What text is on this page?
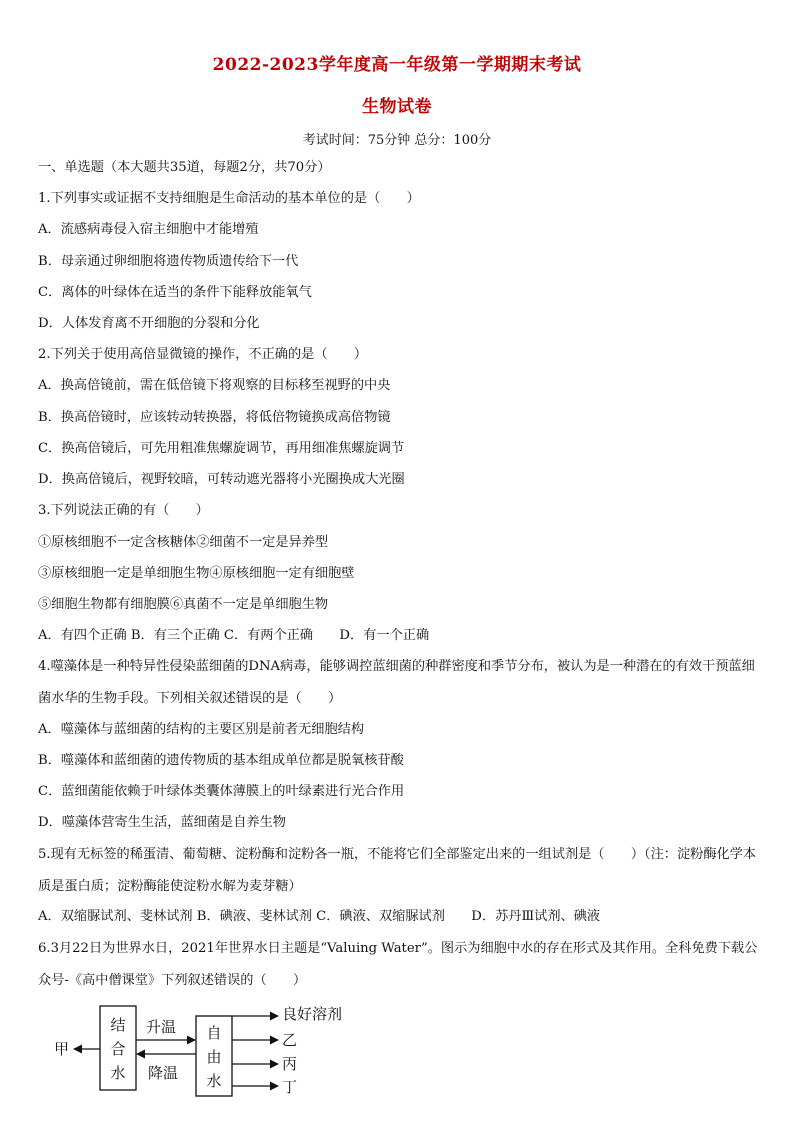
2022-2023学年度高一年级第一学期期末考试
生物试卷
考试时间：75分钟 总分：100分
一、单选题（本大题共35道，每题2分，共70分）
1.下列事实或证据不支持细胞是生命活动的基本单位的是（　　）
A．流感病毒侵入宿主细胞中才能增殖
B．母亲通过卵细胞将遗传物质遗传给下一代
C．离体的叶绿体在适当的条件下能释放能氧气
D．人体发育离不开细胞的分裂和分化
2.下列关于使用高倍显微镜的操作，不正确的是（　　）
A．换高倍镜前，需在低倍镜下将观察的目标移至视野的中央
B．换高倍镜时，应该转动转换器，将低倍物镜换成高倍物镜
C．换高倍镜后，可先用粗准焦螺旋调节，再用细准焦螺旋调节
D．换高倍镜后，视野较暗，可转动遮光器将小光圈换成大光圈
3.下列说法正确的有（　　）
①原核细胞不一定含核糖体②细菌不一定是异养型
③原核细胞一定是单细胞生物④原核细胞一定有细胞壁
⑤细胞生物都有细胞膜⑥真菌不一定是单细胞生物
A．有四个正确 B．有三个正确 C．有两个正确　　D．有一个正确
4.噬藻体是一种特异性侵染蓝细菌的DNA病毒，能够调控蓝细菌的种群密度和季节分布，被认为是一种潜在的有效干预蓝细菌水华的生物手段。下列相关叙述错误的是（　　）
A．噬藻体与蓝细菌的结构的主要区别是前者无细胞结构
B．噬藻体和蓝细菌的遗传物质的基本组成单位都是脱氧核苷酸
C．蓝细菌能依赖于叶绿体类囊体薄膜上的叶绿素进行光合作用
D．噬藻体营寄生生活，蓝细菌是自养生物
5.现有无标签的稀蛋清、葡萄糖、淀粉酶和淀粉各一瓶，不能将它们全部鉴定出来的一组试剂是（　　）（注：淀粉酶化学本质是蛋白质；淀粉酶能使淀粉水解为麦芽糖）
A．双缩脲试剂、斐林试剂 B．碘液、斐林试剂 C．碘液、双缩脲试剂　　D．苏丹Ⅲ试剂、碘液
6.3月22日为世界水日，2021年世界水日主题是“Valuing Water”。图示为细胞中水的存在形式及其作用。全科免费下载公众号-《高中僧课堂》下列叙述错误的（　　）
结
合
水
自
由
水
甲
升温
降温
良好溶剂
乙
丙
丁
